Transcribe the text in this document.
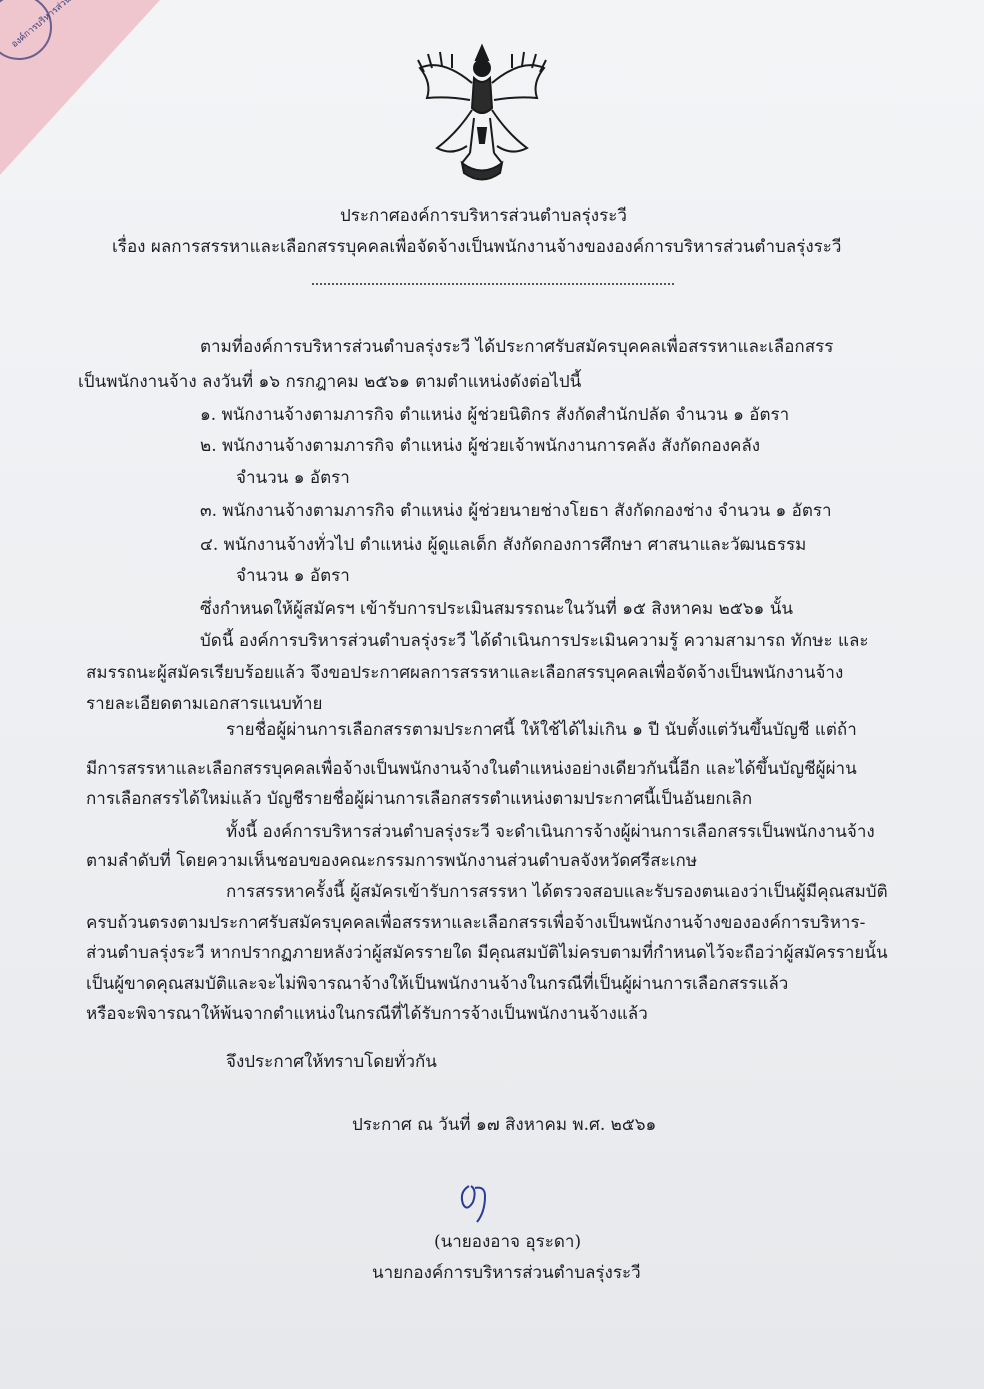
ประกาศองค์การบริหารส่วนตำบลรุ่งระวี
เรื่อง ผลการสรรหาและเลือกสรรบุคคลเพื่อจัดจ้างเป็นพนักงานจ้างขององค์การบริหารส่วนตำบลรุ่งระวี
ตามที่องค์การบริหารส่วนตำบลรุ่งระวี ได้ประกาศรับสมัครบุคคลเพื่อสรรหาและเลือกสรร
เป็นพนักงานจ้าง ลงวันที่ ๑๖ กรกฎาคม ๒๕๖๑ ตามตำแหน่งดังต่อไปนี้
๑. พนักงานจ้างตามภารกิจ ตำแหน่ง ผู้ช่วยนิติกร สังกัดสำนักปลัด จำนวน ๑ อัตรา
๒. พนักงานจ้างตามภารกิจ ตำแหน่ง ผู้ช่วยเจ้าพนักงานการคลัง สังกัดกองคลัง
จำนวน ๑ อัตรา
๓. พนักงานจ้างตามภารกิจ ตำแหน่ง ผู้ช่วยนายช่างโยธา สังกัดกองช่าง จำนวน ๑ อัตรา
๔. พนักงานจ้างทั่วไป ตำแหน่ง ผู้ดูแลเด็ก สังกัดกองการศึกษา ศาสนาและวัฒนธรรม
จำนวน ๑ อัตรา
ซึ่งกำหนดให้ผู้สมัครฯ เข้ารับการประเมินสมรรถนะในวันที่ ๑๕ สิงหาคม ๒๕๖๑ นั้น
บัดนี้ องค์การบริหารส่วนตำบลรุ่งระวี ได้ดำเนินการประเมินความรู้ ความสามารถ ทักษะ และ
สมรรถนะผู้สมัครเรียบร้อยแล้ว จึงขอประกาศผลการสรรหาและเลือกสรรบุคคลเพื่อจัดจ้างเป็นพนักงานจ้าง
รายละเอียดตามเอกสารแนบท้าย
รายชื่อผู้ผ่านการเลือกสรรตามประกาศนี้ ให้ใช้ได้ไม่เกิน ๑ ปี นับตั้งแต่วันขึ้นบัญชี แต่ถ้า
มีการสรรหาและเลือกสรรบุคคลเพื่อจ้างเป็นพนักงานจ้างในตำแหน่งอย่างเดียวกันนี้อีก และได้ขึ้นบัญชีผู้ผ่าน
การเลือกสรรได้ใหม่แล้ว บัญชีรายชื่อผู้ผ่านการเลือกสรรตำแหน่งตามประกาศนี้เป็นอันยกเลิก
ทั้งนี้ องค์การบริหารส่วนตำบลรุ่งระวี จะดำเนินการจ้างผู้ผ่านการเลือกสรรเป็นพนักงานจ้าง
ตามลำดับที่ โดยความเห็นชอบของคณะกรรมการพนักงานส่วนตำบลจังหวัดศรีสะเกษ
การสรรหาครั้งนี้ ผู้สมัครเข้ารับการสรรหา ได้ตรวจสอบและรับรองตนเองว่าเป็นผู้มีคุณสมบัติ
ครบถ้วนตรงตามประกาศรับสมัครบุคคลเพื่อสรรหาและเลือกสรรเพื่อจ้างเป็นพนักงานจ้างขององค์การบริหาร-
ส่วนตำบลรุ่งระวี หากปรากฏภายหลังว่าผู้สมัครรายใด มีคุณสมบัติไม่ครบตามที่กำหนดไว้จะถือว่าผู้สมัครรายนั้น
เป็นผู้ขาดคุณสมบัติและจะไม่พิจารณาจ้างให้เป็นพนักงานจ้างในกรณีที่เป็นผู้ผ่านการเลือกสรรแล้ว
หรือจะพิจารณาให้พ้นจากตำแหน่งในกรณีที่ได้รับการจ้างเป็นพนักงานจ้างแล้ว
จึงประกาศให้ทราบโดยทั่วกัน
ประกาศ ณ วันที่ ๑๗ สิงหาคม พ.ศ. ๒๕๖๑
(นายองอาจ อุระดา)
นายกองค์การบริหารส่วนตำบลรุ่งระวี
